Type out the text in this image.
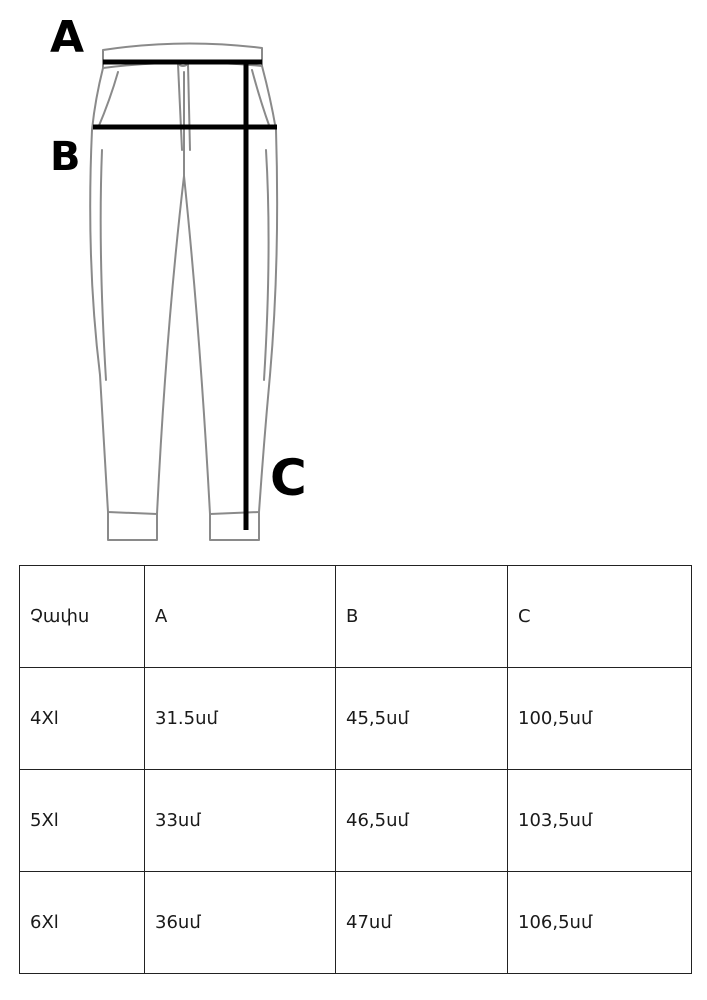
A
B
C
Չափս	A	B	C
4Xl	31.5սմ	45,5սմ	100,5սմ
5Xl	33սմ	46,5սմ	103,5սմ
6Xl	36սմ	47սմ	106,5սմ
